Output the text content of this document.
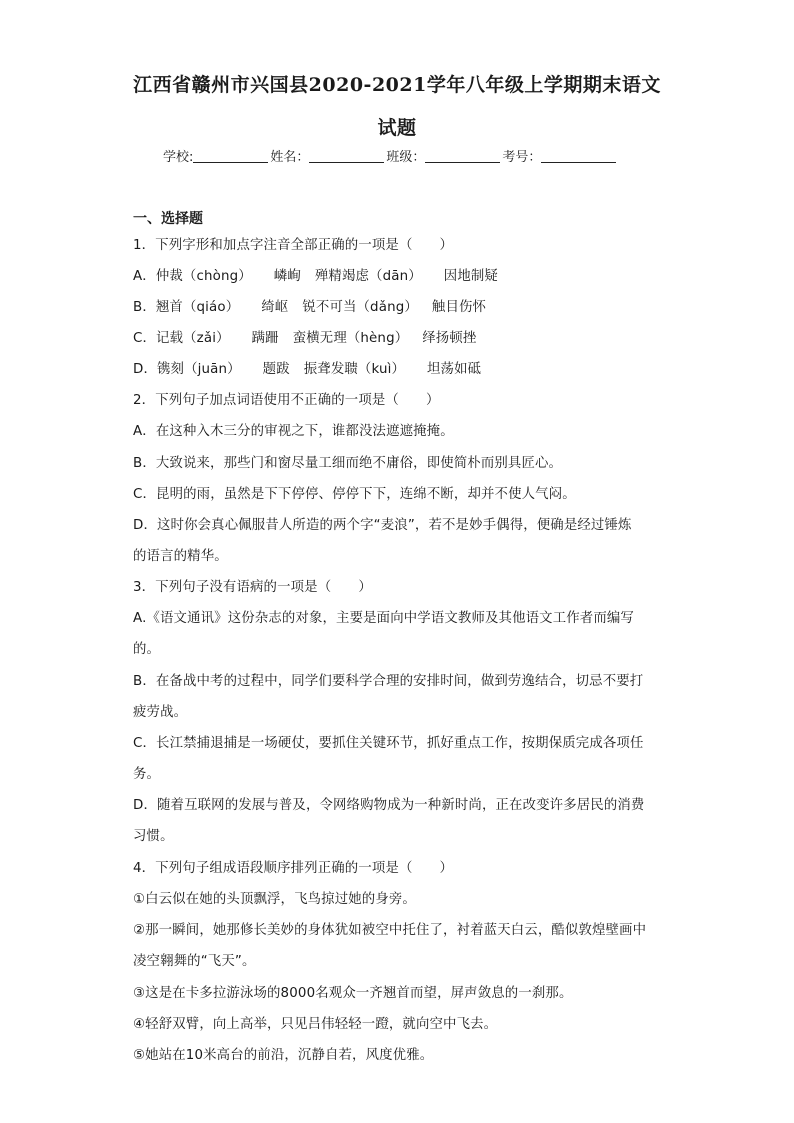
江西省赣州市兴国县2020-2021学年八年级上学期期末语文
试题
学校:	姓名：	班级：	考号：
一、选择题
1．下列字形和加点字注音全部正确的一项是（　　）
A．仲裁（chòng） 嶙峋 殚精竭虑（dān） 因地制疑
B．翘首（qiáo） 绮岖 锐不可当（dǎng） 触目伤怀
C．记载（zǎi） 蹒跚 蛮横无理（hèng） 绎扬顿挫
D．镌刻（juān） 题跋 振聋发聩（kuì） 坦荡如砥
2．下列句子加点词语使用不正确的一项是（　　）
A．在这种入木三分的审视之下，谁都没法遮遮掩掩。
B．大致说来，那些门和窗尽量工细而绝不庸俗，即使简朴而别具匠心。
C．昆明的雨，虽然是下下停停、停停下下，连绵不断，却并不使人气闷。
D．这时你会真心佩服昔人所造的两个字“麦浪”，若不是妙手偶得，便确是经过锤炼
的语言的精华。
3．下列句子没有语病的一项是（　　）
A.《语文通讯》这份杂志的对象，主要是面向中学语文教师及其他语文工作者而编写
的。
B．在备战中考的过程中，同学们要科学合理的安排时间，做到劳逸结合，切忌不要打
疲劳战。
C．长江禁捕退捕是一场硬仗，要抓住关键环节，抓好重点工作，按期保质完成各项任
务。
D．随着互联网的发展与普及，令网络购物成为一种新时尚，正在改变许多居民的消费
习惯。
4．下列句子组成语段顺序排列正确的一项是（　　）
①白云似在她的头顶飘浮，飞鸟掠过她的身旁。
②那一瞬间，她那修长美妙的身体犹如被空中托住了，衬着蓝天白云，酷似敦煌壁画中
凌空翱舞的“飞天”。
③这是在卡多拉游泳场的8000名观众一齐翘首而望，屏声敛息的一刹那。
④轻舒双臂，向上高举，只见吕伟轻轻一蹬，就向空中飞去。
⑤她站在10米高台的前沿，沉静自若，风度优雅。
